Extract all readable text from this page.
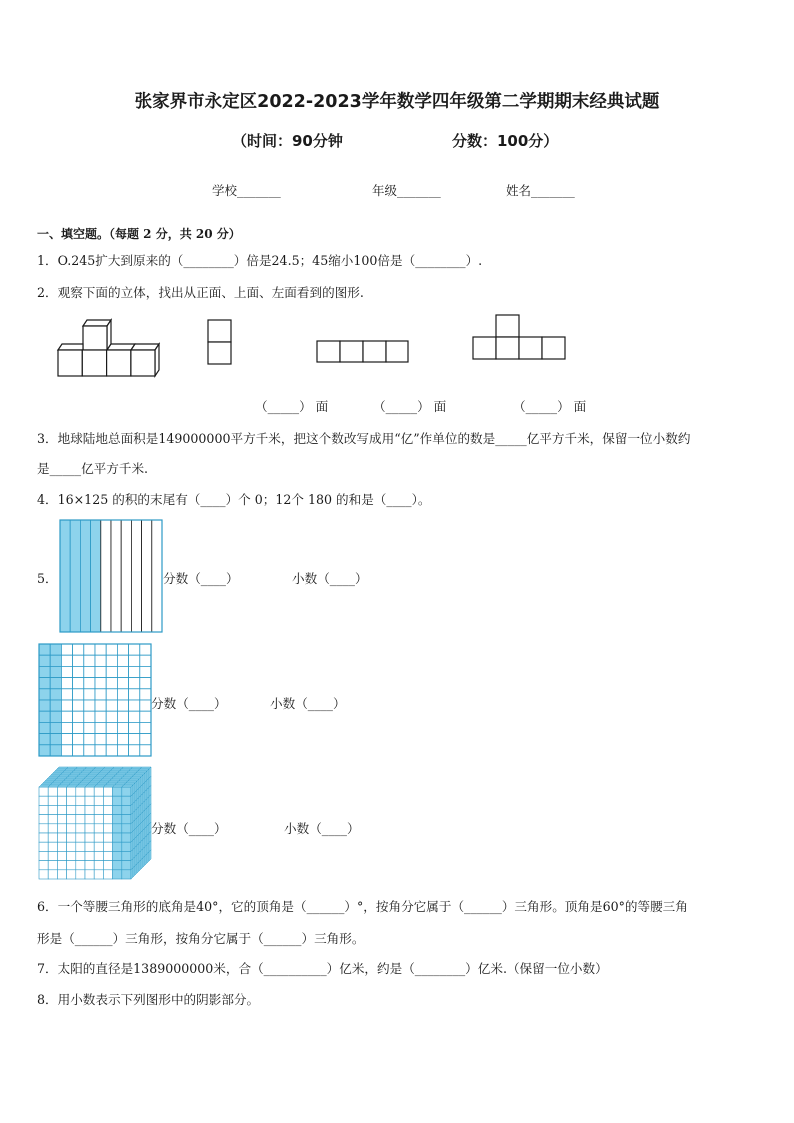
张家界市永定区2022-2023学年数学四年级第二学期期末经典试题
（时间：90分钟	分数：100分）
学校_______	年级_______	姓名_______
一、填空题。（每题 2 分，共 20 分）
1．O.245扩大到原来的（________）倍是24.5；45缩小100倍是（________）.
2．观察下面的立体，找出从正面、上面、左面看到的图形.
（_____） 面	（_____） 面	（_____） 面
3．地球陆地总面积是149000000平方千米，把这个数改写成用“亿”作单位的数是_____亿平方千米，保留一位小数约
是_____亿平方千米.
4．16×125 的积的末尾有（____）个 0；12个 180 的和是（____）。
5．	分数（____）	小数（____）
分数（____）	小数（____）
分数（____）	小数（____）
6．一个等腰三角形的底角是40°，它的顶角是（______）°，按角分它属于（______）三角形。顶角是60°的等腰三角
形是（______）三角形，按角分它属于（______）三角形。
7．太阳的直径是1389000000米，合（__________）亿米，约是（________）亿米.（保留一位小数）
8．用小数表示下列图形中的阴影部分。
